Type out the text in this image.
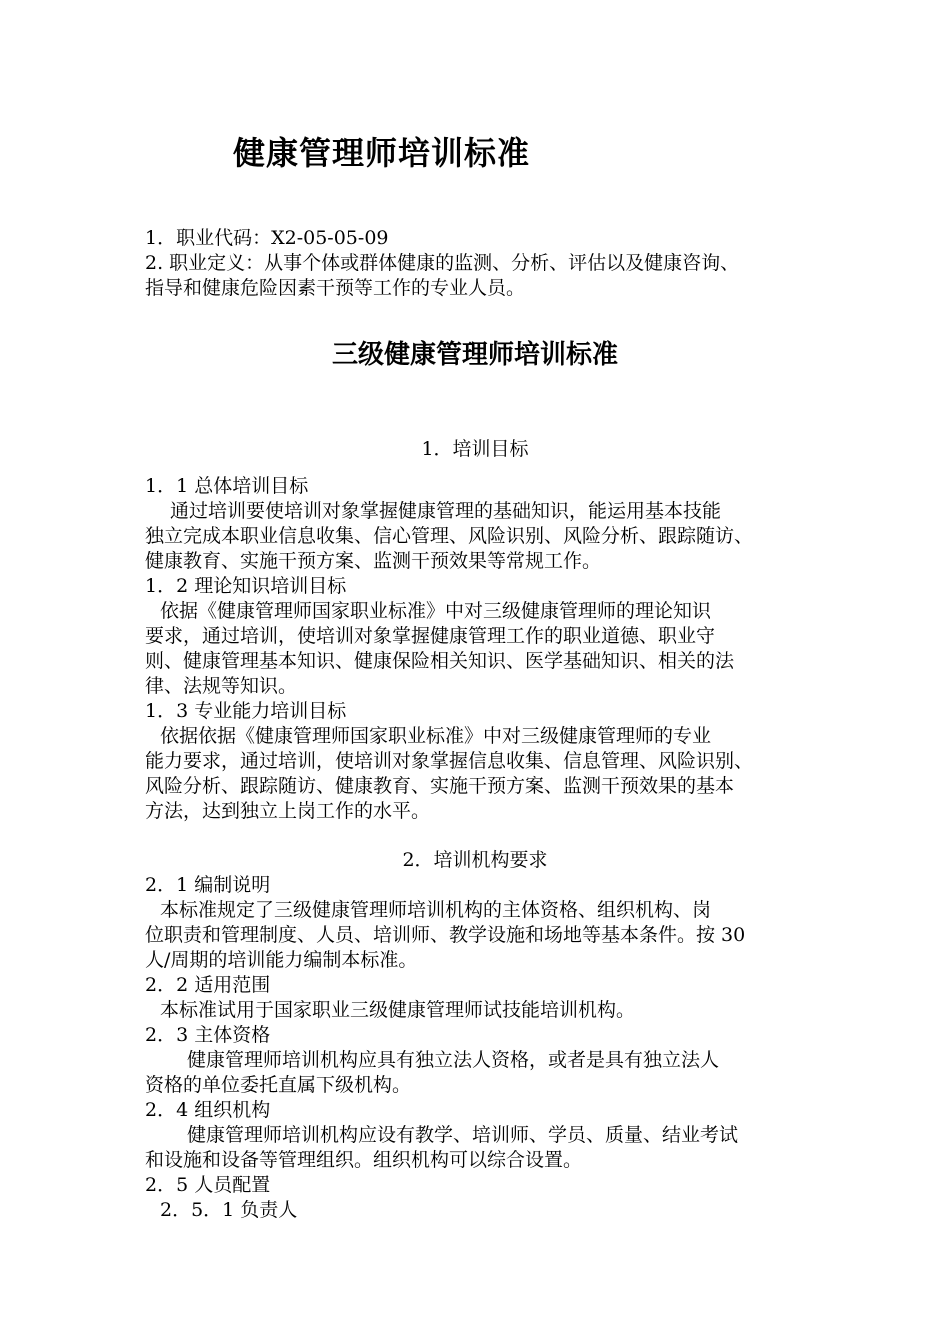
健康管理师培训标准
1．职业代码：X2-05-05-09
2. 职业定义：从事个体或群体健康的监测、分析、评估以及健康咨询、
指导和健康危险因素干预等工作的专业人员。
三级健康管理师培训标准
1．培训目标
1．1 总体培训目标
通过培训要使培训对象掌握健康管理的基础知识，能运用基本技能
独立完成本职业信息收集、信心管理、风险识别、风险分析、跟踪随访、
健康教育、实施干预方案、监测干预效果等常规工作。
1．2 理论知识培训目标
依据《健康管理师国家职业标准》中对三级健康管理师的理论知识
要求，通过培训，使培训对象掌握健康管理工作的职业道德、职业守
则、健康管理基本知识、健康保险相关知识、医学基础知识、相关的法
律、法规等知识。
1．3 专业能力培训目标
依据依据《健康管理师国家职业标准》中对三级健康管理师的专业
能力要求，通过培训，使培训对象掌握信息收集、信息管理、风险识别、
风险分析、跟踪随访、健康教育、实施干预方案、监测干预效果的基本
方法，达到独立上岗工作的水平。
2．培训机构要求
2．1 编制说明
本标准规定了三级健康管理师培训机构的主体资格、组织机构、岗
位职责和管理制度、人员、培训师、教学设施和场地等基本条件。按 30
人/周期的培训能力编制本标准。
2．2 适用范围
本标准试用于国家职业三级健康管理师试技能培训机构。
2．3 主体资格
健康管理师培训机构应具有独立法人资格，或者是具有独立法人
资格的单位委托直属下级机构。
2．4 组织机构
健康管理师培训机构应设有教学、培训师、学员、质量、结业考试
和设施和设备等管理组织。组织机构可以综合设置。
2．5 人员配置
2．5．1 负责人
